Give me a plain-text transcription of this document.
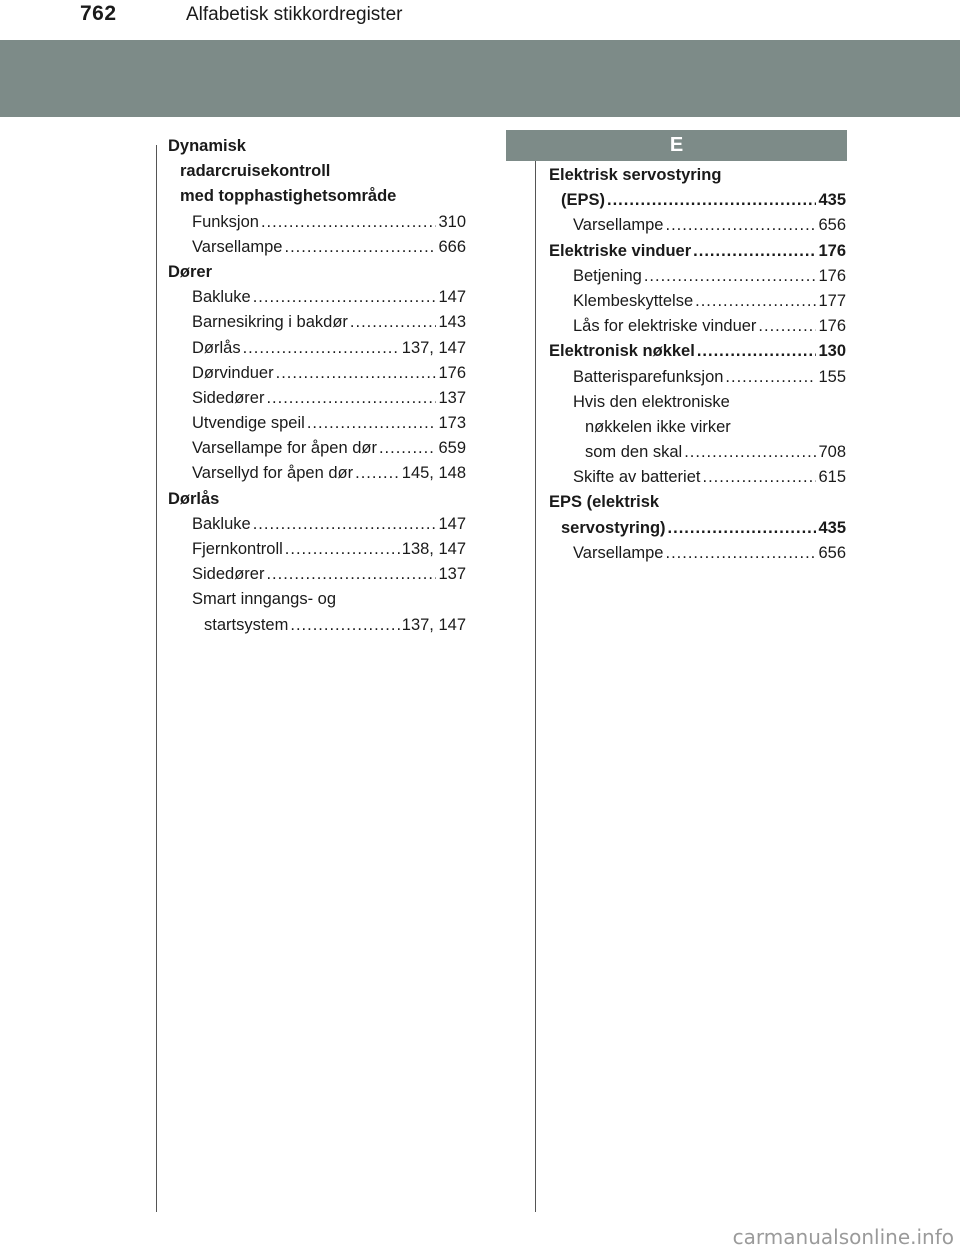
762	Alfabetisk stikkordregister
E
Dynamisk
radarcruisekontroll
med topphastighetsområde
Funksjon .....	310
Varsellampe .....	666
Dører
Bakluke .....	147
Barnesikring i bakdør .....	143
Dørlås .....	137, 147
Dørvinduer .....	176
Sidedører .....	137
Utvendige speil .....	173
Varsellampe for åpen dør .....	659
Varsellyd for åpen dør .....	145, 148
Dørlås
Bakluke .....	147
Fjernkontroll .....	138, 147
Sidedører .....	137
Smart inngangs- og
startsystem .....	137, 147
Elektrisk servostyring
(EPS) .....	435
Varsellampe .....	656
Elektriske vinduer .....	176
Betjening .....	176
Klembeskyttelse .....	177
Lås for elektriske vinduer .....	176
Elektronisk nøkkel .....	130
Batterisparefunksjon .....	155
Hvis den elektroniske
nøkkelen ikke virker
som den skal .....	708
Skifte av batteriet .....	615
EPS (elektrisk
servostyring) .....	435
Varsellampe .....	656
carmanualsonline.info
